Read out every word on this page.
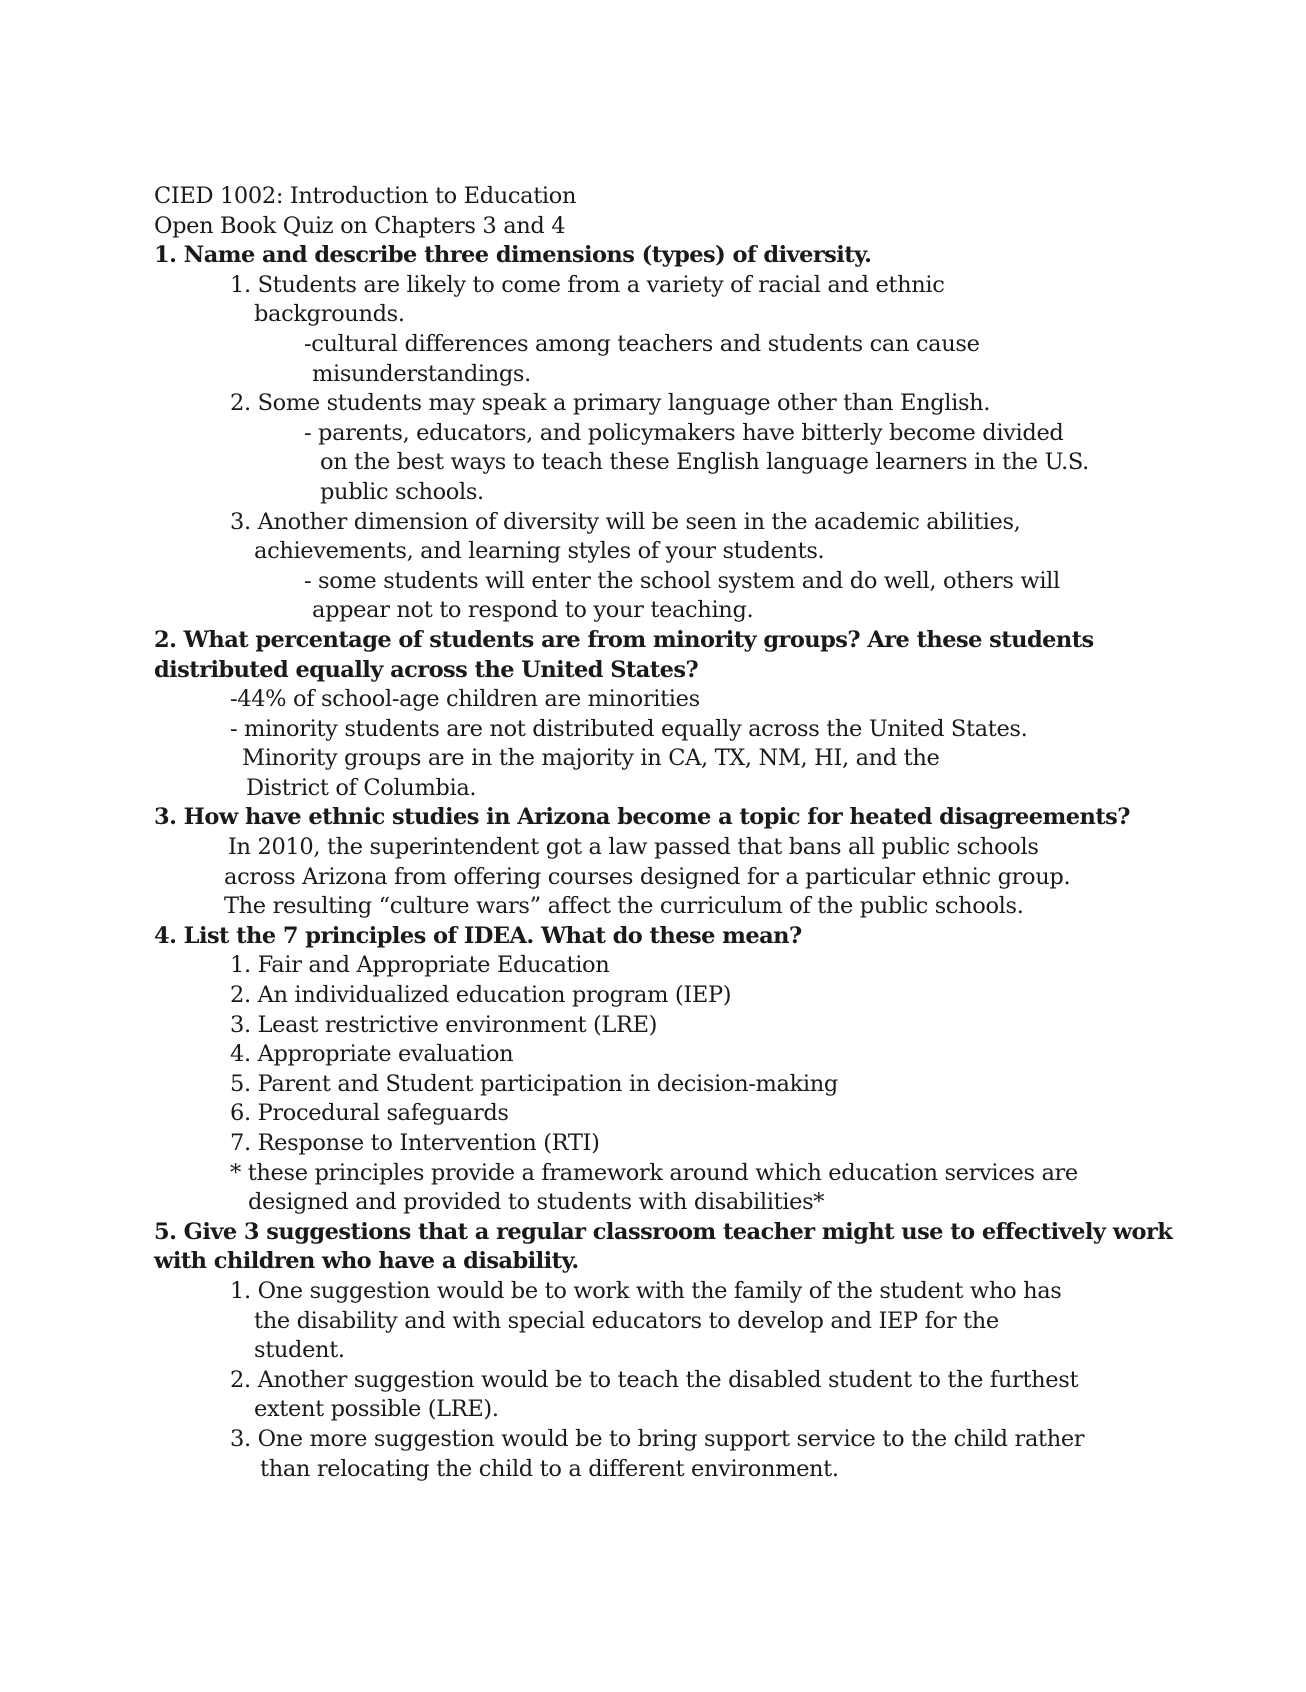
CIED 1002: Introduction to Education
Open Book Quiz on Chapters 3 and 4
1. Name and describe three dimensions (types) of diversity.
1. Students are likely to come from a variety of racial and ethnic
backgrounds.
-cultural differences among teachers and students can cause
misunderstandings.
2. Some students may speak a primary language other than English.
- parents, educators, and policymakers have bitterly become divided
on the best ways to teach these English language learners in the U.S.
public schools.
3. Another dimension of diversity will be seen in the academic abilities,
achievements, and learning styles of your students.
- some students will enter the school system and do well, others will
appear not to respond to your teaching.
2. What percentage of students are from minority groups? Are these students
distributed equally across the United States?
-44% of school-age children are minorities
- minority students are not distributed equally across the United States.
Minority groups are in the majority in CA, TX, NM, HI, and the
District of Columbia.
3. How have ethnic studies in Arizona become a topic for heated disagreements?
In 2010, the superintendent got a law passed that bans all public schools
across Arizona from offering courses designed for a particular ethnic group.
The resulting “culture wars” affect the curriculum of the public schools.
4. List the 7 principles of IDEA. What do these mean?
1. Fair and Appropriate Education
2. An individualized education program (IEP)
3. Least restrictive environment (LRE)
4. Appropriate evaluation
5. Parent and Student participation in decision-making
6. Procedural safeguards
7. Response to Intervention (RTI)
* these principles provide a framework around which education services are
designed and provided to students with disabilities*
5. Give 3 suggestions that a regular classroom teacher might use to effectively work
with children who have a disability.
1. One suggestion would be to work with the family of the student who has
the disability and with special educators to develop and IEP for the
student.
2. Another suggestion would be to teach the disabled student to the furthest
extent possible (LRE).
3. One more suggestion would be to bring support service to the child rather
than relocating the child to a different environment.
